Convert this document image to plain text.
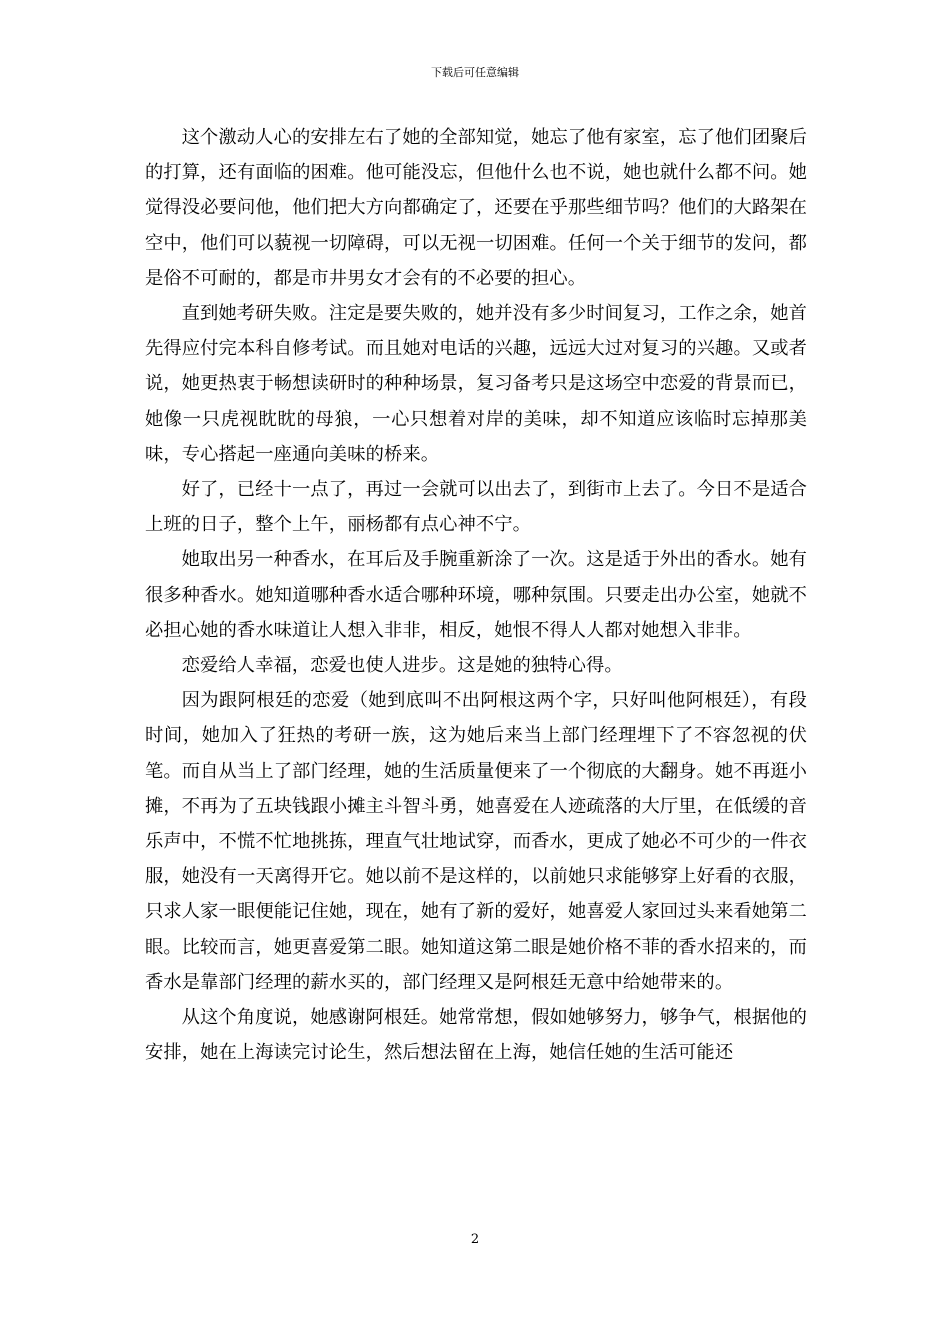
下载后可任意编辑

这个激动人心的安排左右了她的全部知觉，她忘了他有家室，忘了他们团聚后的打算，还有面临的困难。他可能没忘，但他什么也不说，她也就什么都不问。她觉得没必要问他，他们把大方向都确定了，还要在乎那些细节吗？他们的大路架在空中，他们可以藐视一切障碍，可以无视一切困难。任何一个关于细节的发问，都是俗不可耐的，都是市井男女才会有的不必要的担心。

直到她考研失败。注定是要失败的，她并没有多少时间复习，工作之余，她首先得应付完本科自修考试。而且她对电话的兴趣，远远大过对复习的兴趣。又或者说，她更热衷于畅想读研时的种种场景，复习备考只是这场空中恋爱的背景而已，她像一只虎视眈眈的母狼，一心只想着对岸的美味，却不知道应该临时忘掉那美味，专心搭起一座通向美味的桥来。

好了，已经十一点了，再过一会就可以出去了，到街市上去了。今日不是适合上班的日子，整个上午，丽杨都有点心神不宁。

她取出另一种香水，在耳后及手腕重新涂了一次。这是适于外出的香水。她有很多种香水。她知道哪种香水适合哪种环境，哪种氛围。只要走出办公室，她就不必担心她的香水味道让人想入非非，相反，她恨不得人人都对她想入非非。

恋爱给人幸福，恋爱也使人进步。这是她的独特心得。

因为跟阿根廷的恋爱（她到底叫不出阿根这两个字，只好叫他阿根廷），有段时间，她加入了狂热的考研一族，这为她后来当上部门经理埋下了不容忽视的伏笔。而自从当上了部门经理，她的生活质量便来了一个彻底的大翻身。她不再逛小摊，不再为了五块钱跟小摊主斗智斗勇，她喜爱在人迹疏落的大厅里，在低缓的音乐声中，不慌不忙地挑拣，理直气壮地试穿，而香水，更成了她必不可少的一件衣服，她没有一天离得开它。她以前不是这样的，以前她只求能够穿上好看的衣服，只求人家一眼便能记住她，现在，她有了新的爱好，她喜爱人家回过头来看她第二眼。比较而言，她更喜爱第二眼。她知道这第二眼是她价格不菲的香水招来的，而香水是靠部门经理的薪水买的，部门经理又是阿根廷无意中给她带来的。

从这个角度说，她感谢阿根廷。她常常想，假如她够努力，够争气，根据他的安排，她在上海读完讨论生，然后想法留在上海，她信任她的生活可能还

2
